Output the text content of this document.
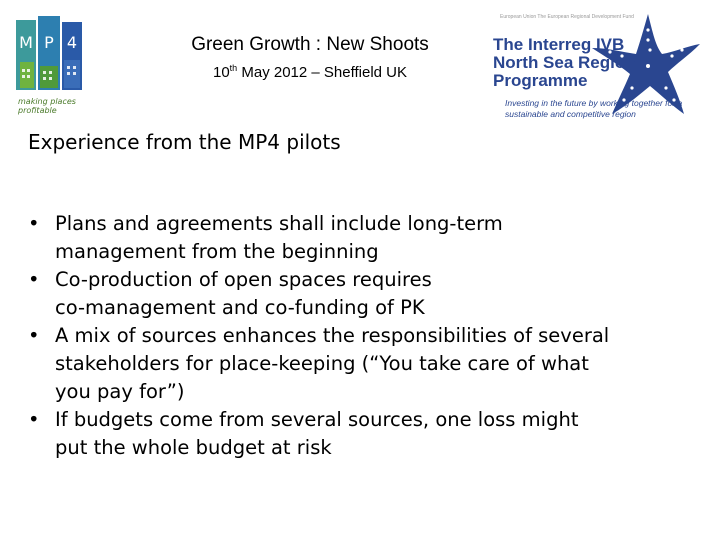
M P 4
making places profitable
Green Growth : New Shoots
10th May 2012 – Sheffield UK
European Union The European Regional Development Fund
The Interreg IVB
North Sea Region
Programme
Investing in the future by working together for a sustainable and competitive region
Experience from the MP4 pilots
• Plans and agreements shall include long-term
management from the beginning
• Co-production of open spaces requires
co-management and co-funding of PK
• A mix of sources enhances the responsibilities of several
stakeholders for place-keeping (“You take care of what
you pay for”)
• If budgets come from several sources, one loss might
put the whole budget at risk
